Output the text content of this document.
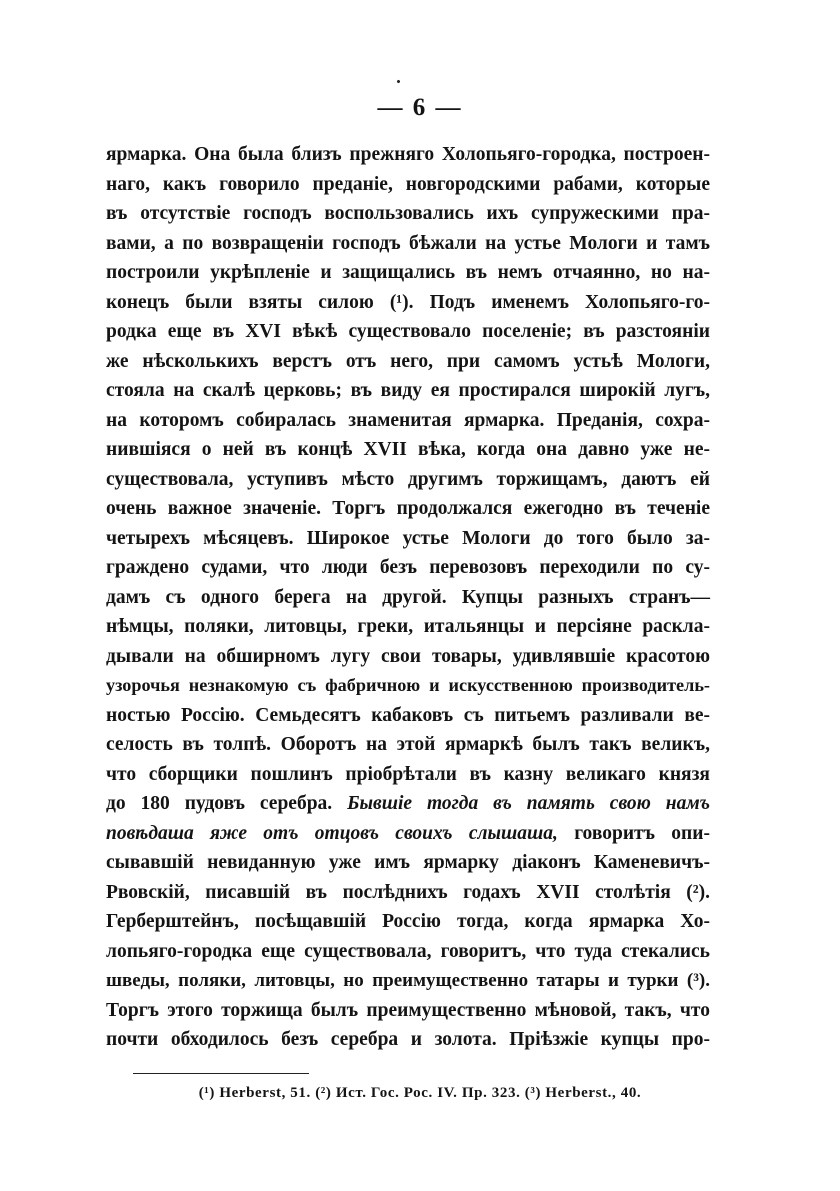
— 6 —
ярмарка. Она была близъ прежняго Холопьяго-городка, построен-
наго, какъ говорило преданіе, новгородскими рабами, которые
въ отсутствіе господъ воспользовались ихъ супружескими пра-
вами, а по возвращеніи господъ бѣжали на устье Мологи и тамъ
построили укрѣпленіе и защищались въ немъ отчаянно, но на-
конецъ были взяты силою (¹). Подъ именемъ Холопьяго-го-
родка еще въ XVI вѣкѣ существовало поселеніе; въ разстояніи
же нѣсколькихъ верстъ отъ него, при самомъ устьѣ Мологи,
стояла на скалѣ церковь; въ виду ея простирался широкій лугъ,
на которомъ собиралась знаменитая ярмарка. Преданія, сохра-
нившіяся о ней въ концѣ XVII вѣка, когда она давно уже не-
существовала, уступивъ мѣсто другимъ торжищамъ, даютъ ей
очень важное значеніе. Торгъ продолжался ежегодно въ теченіе
четырехъ мѣсяцевъ. Широкое устье Мологи до того было за-
граждено судами, что люди безъ перевозовъ переходили по су-
дамъ съ одного берега на другой. Купцы разныхъ странъ—
нѣмцы, поляки, литовцы, греки, итальянцы и персіяне раскла-
дывали на обширномъ лугу свои товары, удивлявшіе красотою
узорочья незнакомую съ фабричною и искусственною производитель-
ностью Россію. Семьдесятъ кабаковъ съ питьемъ разливали ве-
селость въ толпѣ. Оборотъ на этой ярмаркѣ былъ такъ великъ,
что сборщики пошлинъ пріобрѣтали въ казну великаго князя
до 180 пудовъ серебра. Бывшіе тогда въ память свою намъ
повѣдаша яже отъ отцовъ своихъ слышаша, говоритъ опи-
сывавшій невиданную уже имъ ярмарку діаконъ Каменевичъ-
Рвовскій, писавшій въ послѣднихъ годахъ XVII столѣтія (²).
Герберштейнъ, посѣщавшій Россію тогда, когда ярмарка Хо-
лопьяго-городка еще существовала, говоритъ, что туда стекались
шведы, поляки, литовцы, но преимущественно татары и турки (³).
Торгъ этого торжища былъ преимущественно мѣновой, такъ, что
почти обходилось безъ серебра и золота. Пріѣзжіе купцы про-
(¹) Herberst, 51. (²) Ист. Гос. Рос. IV. Пр. 323. (³) Herberst., 40.
